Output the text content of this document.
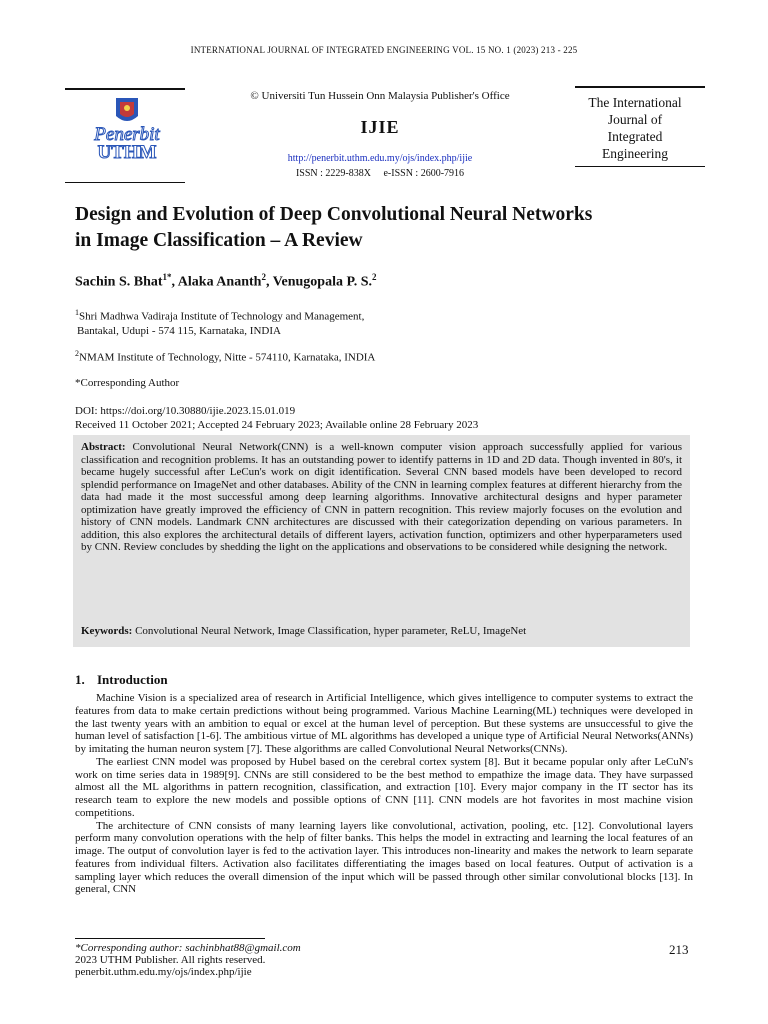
INTERNATIONAL JOURNAL OF INTEGRATED ENGINEERING VOL. 15 NO. 1 (2023) 213 - 225
Penerbit
UTHM
© Universiti Tun Hussein Onn Malaysia Publisher's Office
IJIE
http://penerbit.uthm.edu.my/ojs/index.php/ijie
ISSN : 2229-838X     e-ISSN : 2600-7916
The International
Journal of
Integrated
Engineering
Design and Evolution of Deep Convolutional Neural Networks
in Image Classification – A Review
Sachin S. Bhat$^{1*}$, Alaka Ananth$^2$, Venugopala P. S.$^2$
$^1$Shri Madhwa Vadiraja Institute of Technology and Management,
Bantakal, Udupi - 574 115, Karnataka, INDIA
$^2$NMAM Institute of Technology, Nitte - 574110, Karnataka, INDIA
*Corresponding Author
DOI: https://doi.org/10.30880/ijie.2023.15.01.019
Received 11 October 2021; Accepted 24 February 2023; Available online 28 February 2023

Abstract: Convolutional Neural Network(CNN) is a well-known computer vision approach successfully applied for various classification and recognition problems. It has an outstanding power to identify patterns in 1D and 2D data. Though invented in 80's, it became hugely successful after LeCun's work on digit identification. Several CNN based models have been developed to record splendid performance on ImageNet and other databases. Ability of the CNN in learning complex features at different hierarchy from the data had made it the most successful among deep learning algorithms. Innovative architectural designs and hyper parameter optimization have greatly improved the efficiency of CNN in pattern recognition. This review majorly focuses on the evolution and history of CNN models. Landmark CNN architectures are discussed with their categorization depending on various parameters. In addition, this also explores the architectural details of different layers, activation function, optimizers and other hyperparameters used by CNN. Review concludes by shedding the light on the applications and observations to be considered while designing the network.

Keywords: Convolutional Neural Network, Image Classification, hyper parameter, ReLU, ImageNet
1. Introduction

Machine Vision is a specialized area of research in Artificial Intelligence, which gives intelligence to computer systems to extract the features from data to make certain predictions without being programmed. Various Machine Learning(ML) techniques were developed in the last twenty years with an ambition to equal or excel at the human level of perception. But these systems are unsuccessful to give the human level of satisfaction [1-6]. The ambitious virtue of ML algorithms has developed a unique type of Artificial Neural Networks(ANNs) by imitating the human neuron system [7]. These algorithms are called Convolutional Neural Networks(CNNs).

The earliest CNN model was proposed by Hubel based on the cerebral cortex system [8]. But it became popular only after LeCuN's work on time series data in 1989[9]. CNNs are still considered to be the best method to empathize the image data. They have surpassed almost all the ML algorithms in pattern recognition, classification, and extraction [10]. Every major company in the IT sector has its research team to explore the new models and possible options of CNN [11]. CNN models are hot favorites in most machine vision competitions.

The architecture of CNN consists of many learning layers like convolutional, activation, pooling, etc. [12]. Convolutional layers perform many convolution operations with the help of filter banks. This helps the model in extracting and learning the local features of an image. The output of convolution layer is fed to the activation layer. This introduces non-linearity and makes the network to learn separate features from individual filters. Activation also facilitates differentiating the images based on local features. Output of activation is a sampling layer which reduces the overall dimension of the input which will be passed through other similar convolutional blocks [13]. In general, CNN

*Corresponding author: sachinbhat88@gmail.com
2023 UTHM Publisher. All rights reserved.
penerbit.uthm.edu.my/ojs/index.php/ijie
213
